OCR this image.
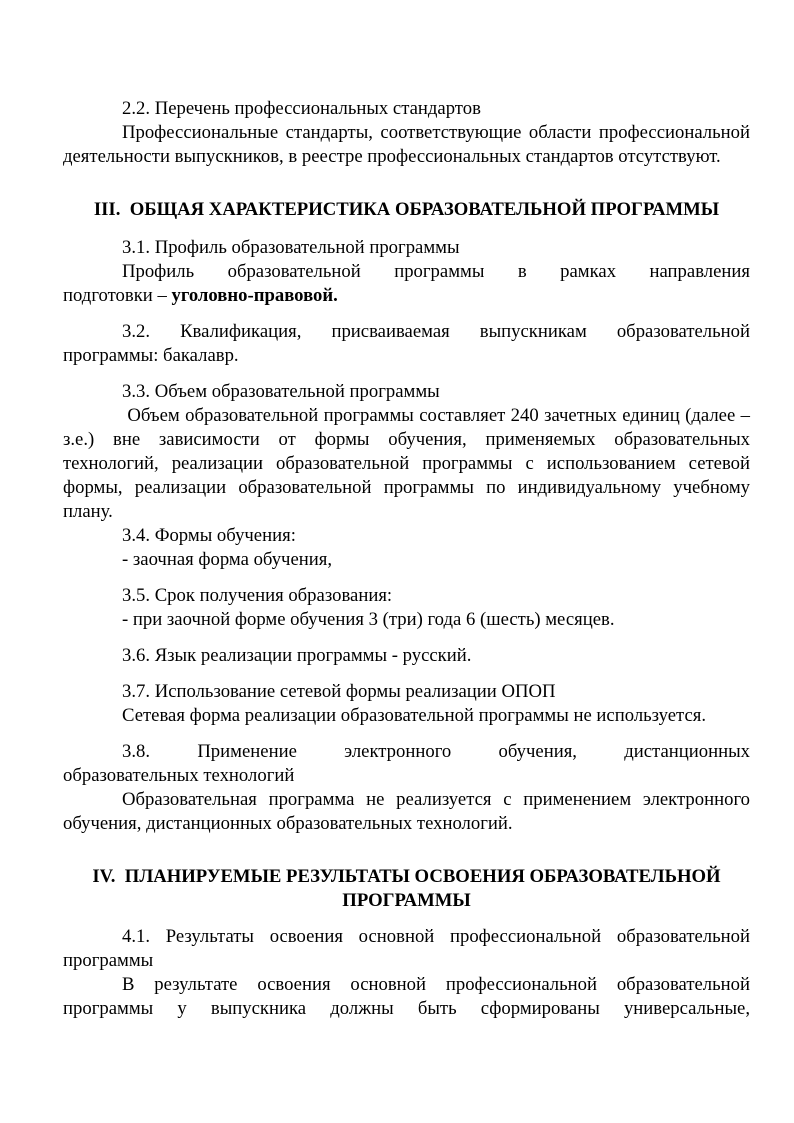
2.2. Перечень профессиональных стандартов
Профессиональные стандарты, соответствующие области профессиональной
деятельности выпускников, в реестре профессиональных стандартов отсутствуют.
III.  ОБЩАЯ ХАРАКТЕРИСТИКА ОБРАЗОВАТЕЛЬНОЙ ПРОГРАММЫ
3.1. Профиль образовательной программы
Профиль образовательной программы в рамках направления
подготовки – уголовно-правовой.
3.2. Квалификация, присваиваемая выпускникам образовательной
программы: бакалавр.
3.3. Объем образовательной программы
Объем образовательной программы составляет 240 зачетных единиц (далее –
з.е.) вне зависимости от формы обучения, применяемых образовательных
технологий, реализации образовательной программы с использованием сетевой
формы, реализации образовательной программы по индивидуальному учебному
плану.
3.4. Формы обучения:
- заочная форма обучения,
3.5. Срок получения образования:
- при заочной форме обучения 3 (три) года 6 (шесть) месяцев.
3.6. Язык реализации программы - русский.
3.7. Использование сетевой формы реализации ОПОП
Сетевая форма реализации образовательной программы не используется.
3.8. Применение электронного обучения, дистанционных
образовательных технологий
Образовательная программа не реализуется с применением электронного
обучения, дистанционных образовательных технологий.
IV.  ПЛАНИРУЕМЫЕ РЕЗУЛЬТАТЫ ОСВОЕНИЯ ОБРАЗОВАТЕЛЬНОЙ
ПРОГРАММЫ
4.1. Результаты освоения основной профессиональной образовательной
программы
В результате освоения основной профессиональной образовательной
программы у выпускника должны быть сформированы универсальные,
